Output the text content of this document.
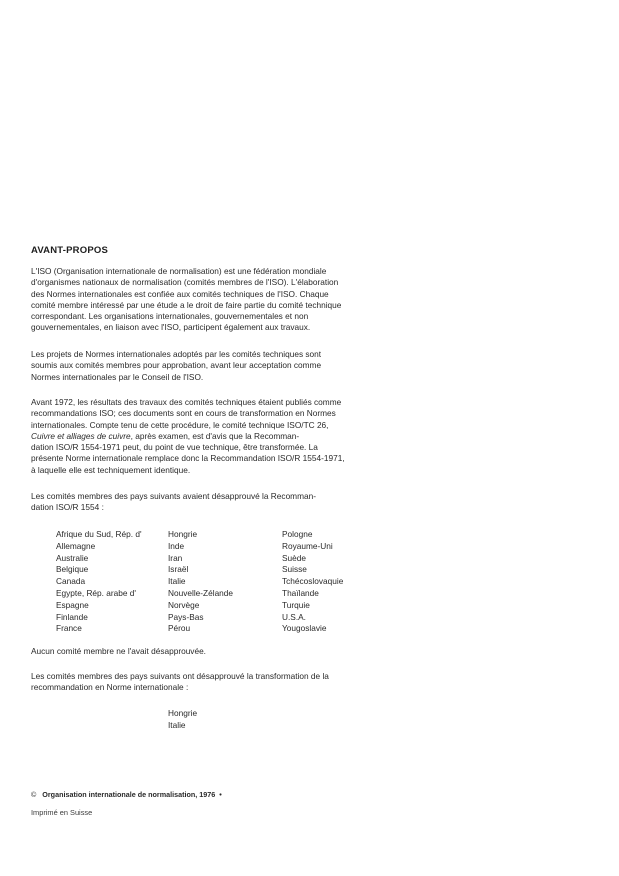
AVANT-PROPOS
L'ISO (Organisation internationale de normalisation) est une fédération mondiale
d'organismes nationaux de normalisation (comités membres de l'ISO). L'élaboration
des Normes internationales est confiée aux comités techniques de l'ISO. Chaque
comité membre intéressé par une étude a le droit de faire partie du comité technique
correspondant. Les organisations internationales, gouvernementales et non
gouvernementales, en liaison avec l'ISO, participent également aux travaux.
Les projets de Normes internationales adoptés par les comités techniques sont
soumis aux comités membres pour approbation, avant leur acceptation comme
Normes internationales par le Conseil de l'ISO.
Avant 1972, les résultats des travaux des comités techniques étaient publiés comme
recommandations ISO; ces documents sont en cours de transformation en Normes
internationales. Compte tenu de cette procédure, le comité technique ISO/TC 26,
Cuivre et alliages de cuivre, après examen, est d'avis que la Recomman-
dation ISO/R 1554-1971 peut, du point de vue technique, être transformée. La
présente Norme internationale remplace donc la Recommandation ISO/R 1554-1971,
à laquelle elle est techniquement identique.
Les comités membres des pays suivants avaient désapprouvé la Recomman-
dation ISO/R 1554 :
Afrique du Sud, Rép. d'
Allemagne
Australie
Belgique
Canada
Egypte, Rép. arabe d'
Espagne
Finlande
France
Hongrie
Inde
Iran
Israël
Italie
Nouvelle-Zélande
Norvège
Pays-Bas
Pérou
Pologne
Royaume-Uni
Suède
Suisse
Tchécoslovaquie
Thaïlande
Turquie
U.S.A.
Yougoslavie
Aucun comité membre ne l'avait désapprouvée.
Les comités membres des pays suivants ont désapprouvé la transformation de la
recommandation en Norme internationale :
Hongrie
Italie
© Organisation internationale de normalisation, 1976 •
Imprimé en Suisse
